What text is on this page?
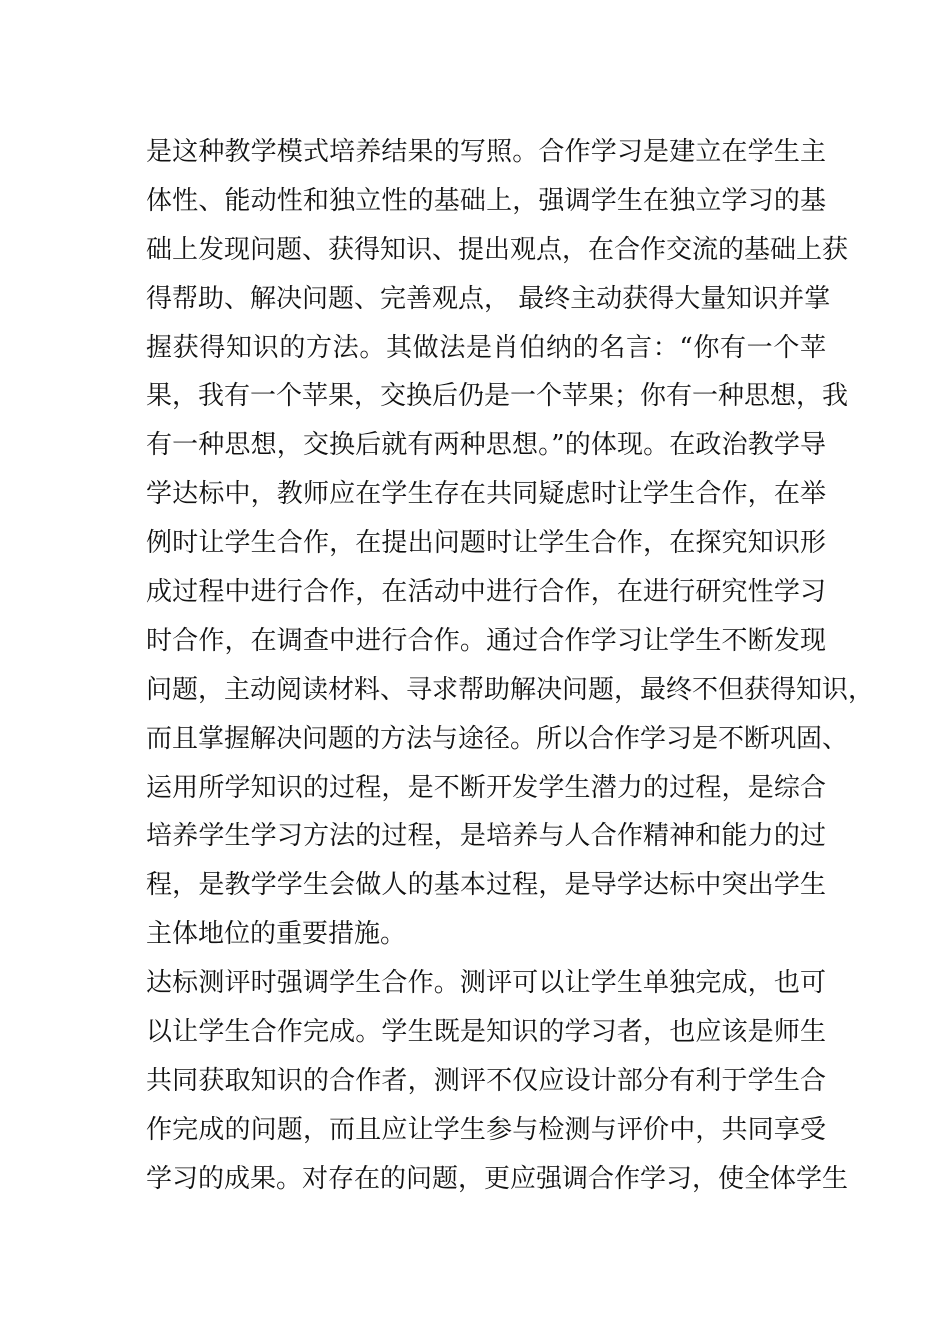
是这种教学模式培养结果的写照。合作学习是建立在学生主
体性、能动性和独立性的基础上，强调学生在独立学习的基
础上发现问题、获得知识、提出观点，在合作交流的基础上获
得帮助、解决问题、完善观点， 最终主动获得大量知识并掌
握获得知识的方法。其做法是肖伯纳的名言：“你有一个苹
果，我有一个苹果，交换后仍是一个苹果；你有一种思想，我
有一种思想，交换后就有两种思想。”的体现。在政治教学导
学达标中，教师应在学生存在共同疑虑时让学生合作，在举
例时让学生合作，在提出问题时让学生合作，在探究知识形
成过程中进行合作，在活动中进行合作，在进行研究性学习
时合作，在调查中进行合作。通过合作学习让学生不断发现
问题，主动阅读材料、寻求帮助解决问题，最终不但获得知识，
而且掌握解决问题的方法与途径。所以合作学习是不断巩固、
运用所学知识的过程，是不断开发学生潜力的过程，是综合
培养学生学习方法的过程，是培养与人合作精神和能力的过
程，是教学学生会做人的基本过程，是导学达标中突出学生
主体地位的重要措施。
达标测评时强调学生合作。测评可以让学生单独完成，也可
以让学生合作完成。学生既是知识的学习者，也应该是师生
共同获取知识的合作者，测评不仅应设计部分有利于学生合
作完成的问题，而且应让学生参与检测与评价中，共同享受
学习的成果。对存在的问题，更应强调合作学习，使全体学生
